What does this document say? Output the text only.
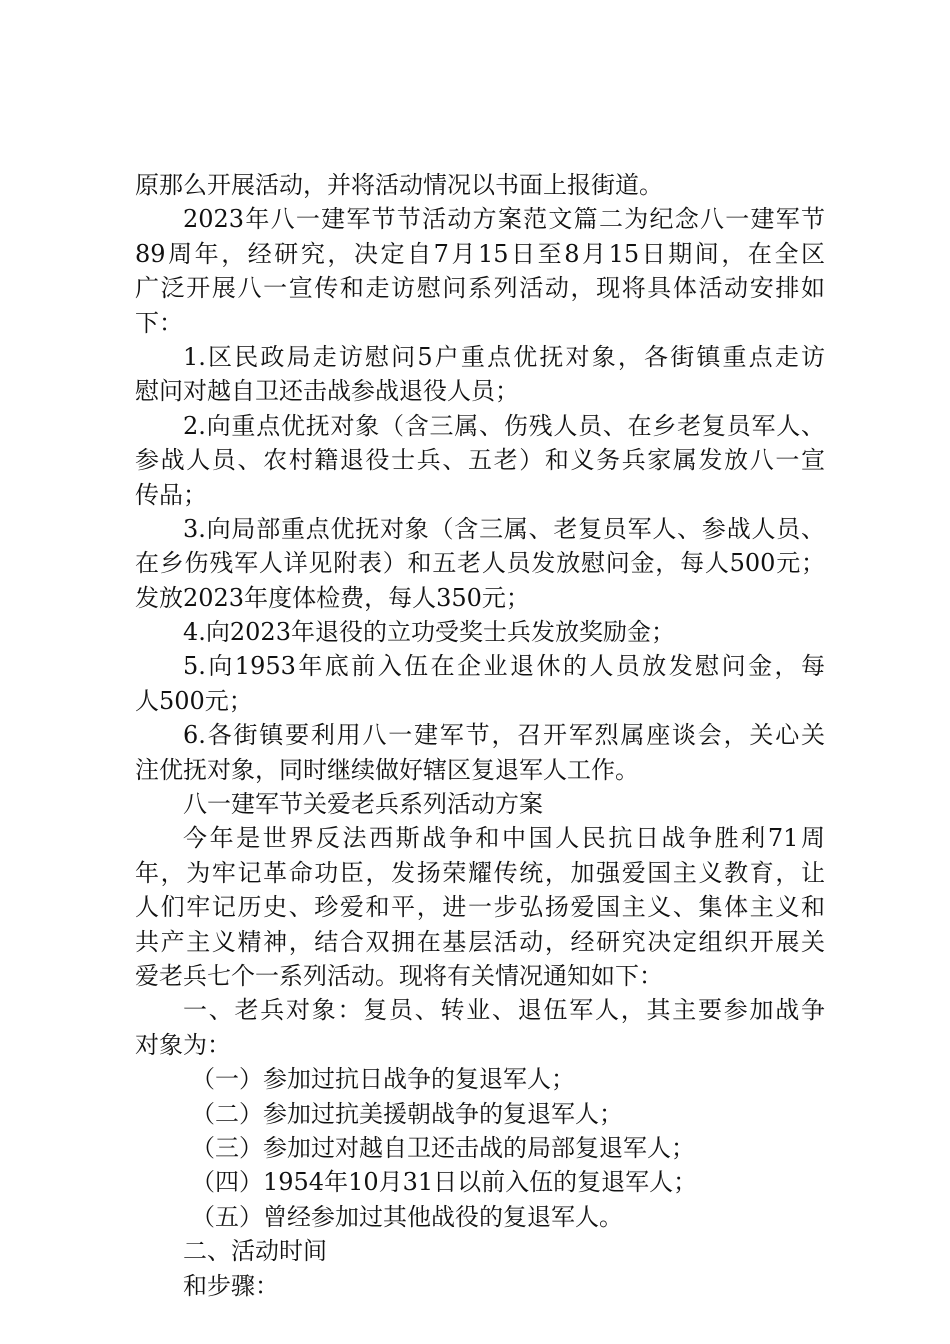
原那么开展活动，并将活动情况以书面上报街道。
2023年八一建军节节活动方案范文篇二为纪念八一建军节
89周年，经研究，决定自7月15日至8月15日期间，在全区
广泛开展八一宣传和走访慰问系列活动，现将具体活动安排如
下：
1.区民政局走访慰问5户重点优抚对象，各街镇重点走访
慰问对越自卫还击战参战退役人员；
2.向重点优抚对象（含三属、伤残人员、在乡老复员军人、
参战人员、农村籍退役士兵、五老）和义务兵家属发放八一宣
传品；
3.向局部重点优抚对象（含三属、老复员军人、参战人员、
在乡伤残军人详见附表）和五老人员发放慰问金，每人500元；
发放2023年度体检费，每人350元；
4.向2023年退役的立功受奖士兵发放奖励金；
5.向1953年底前入伍在企业退休的人员放发慰问金，每
人500元；
6.各街镇要利用八一建军节，召开军烈属座谈会，关心关
注优抚对象，同时继续做好辖区复退军人工作。
八一建军节关爱老兵系列活动方案
今年是世界反法西斯战争和中国人民抗日战争胜利71周
年，为牢记革命功臣，发扬荣耀传统，加强爱国主义教育，让
人们牢记历史、珍爱和平，进一步弘扬爱国主义、集体主义和
共产主义精神，结合双拥在基层活动，经研究决定组织开展关
爱老兵七个一系列活动。现将有关情况通知如下：
一、老兵对象：复员、转业、退伍军人，其主要参加战争
对象为：
（一）参加过抗日战争的复退军人；
（二）参加过抗美援朝战争的复退军人；
（三）参加过对越自卫还击战的局部复退军人；
（四）1954年10月31日以前入伍的复退军人；
（五）曾经参加过其他战役的复退军人。
二、活动时间
和步骤：
